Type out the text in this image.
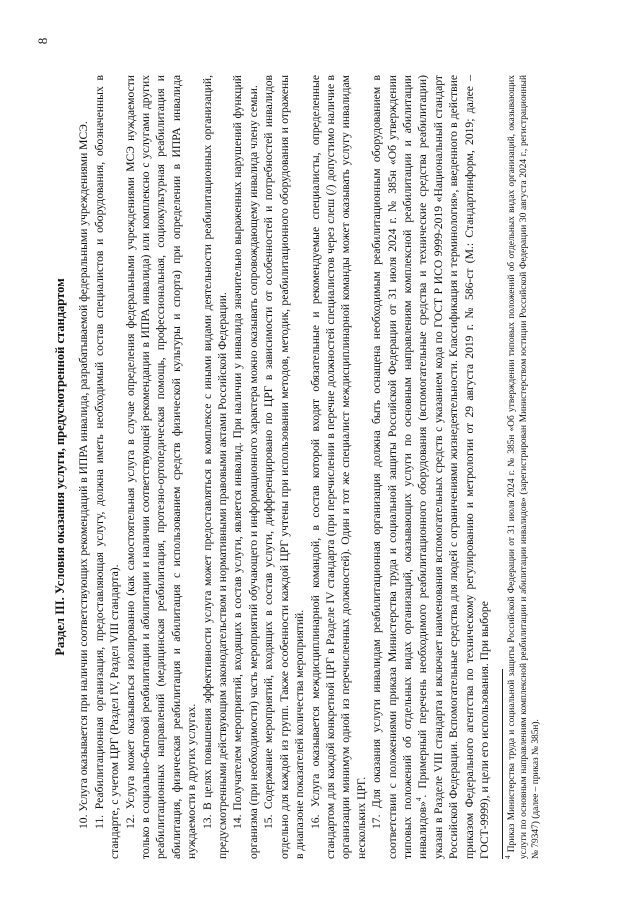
8
Раздел III. Условия оказания услуги, предусмотренной стандартом

10. Услуга оказывается при наличии соответствующих рекомендаций в ИПРА инвалида, разрабатываемой федеральными учреждениями МСЭ.

11. Реабилитационная организация, предоставляющая услугу, должна иметь необходимый состав специалистов и оборудования, обозначенных в стандарте, с учетом ЦРГ (Раздел IV, Раздел VIII стандарта). 12. Услуга может оказываться изолированно (как самостоятельная услуга в случае определения федеральными учреждениями МСЭ нуждаемости только в социально-бытовой реабилитации и абилитации и наличии соответствующей рекомендации в ИПРА инвалида) или комплексно с услугами других реабилитационных направлений (медицинская реабилитация, протезно-ортопедическая помощь, профессиональная, социокультурная реабилитация и абилитация, физическая реабилитация и абилитация с использованием средств физической культуры и спорта) при определении в ИПРА инвалида нуждаемости в других услугах. 13. В целях повышения эффективности услуга может предоставляться в комплексе с иными видами деятельности реабилитационных организаций, предусмотренными действующим законодательством и нормативными правовыми актами Российской Федерации. 14. Получателем мероприятий, входящих в состав услуги, является инвалид. При наличии у инвалида значительно выраженных нарушений функций организма (при необходимости) часть мероприятий обучающего и информационного характера можно оказывать сопровождающему инвалида члену семьи. 15. Содержание мероприятий, входящих в состав услуги, дифференцировано по ЦРГ в зависимости от особенностей и потребностей инвалидов отдельно для каждой из групп. Также особенности каждой ЦРГ учтены при использовании методов, методик, реабилитационного оборудования и отражены в диапазоне показателей количества мероприятий. 16. Услуга оказывается междисциплинарной командой, в состав которой входят обязательные и рекомендуемые специалисты, определенные стандартом для каждой конкретной ЦРГ в Разделе IV стандарта (при перечислении в перечне должностей специалистов через слеш (/) допустимо наличие в организации минимум одной из перечисленных должностей). Один и тот же специалист междисциплинарной команды может оказывать услугу инвалидам нескольких ЦРГ. 17. Для оказания услуги инвалидам реабилитационная организация должна быть оснащена необходимым реабилитационным оборудованием в соответствии с положениями приказа Министерства труда и социальной защиты Российской Федерации от 31 июля 2024 г. № 385н «Об утверждении типовых положений об отдельных видах организаций, оказывающих услуги по основным направлениям комплексной реабилитации и абилитации инвалидов»$^4$. Примерный перечень необходимого реабилитационного оборудования (вспомогательные средства и технические средства реабилитации) указан в Разделе VIII стандарта и включает наименования вспомогательных средств с указанием кода по ГОСТ Р ИСО 9999-2019 «Национальный стандарт Российской Федерации. Вспомогательные средства для людей с ограничениями жизнедеятельности. Классификация и терминология», введенного в действие приказом Федерального агентства по техническому регулированию и метрологии от 29 августа 2019 г. № 586-ст (М.: Стандартинформ, 2019; далее – ГОСТ-9999), и цели его использования. При выборе $^4$ Приказ Министерства труда и социальной защиты Российской Федерации от 31 июля 2024 г. № 385н «Об утверждении типовых положений об отдельных видах организаций, оказывающих услуги по основным направлениям комплексной реабилитации и абилитации инвалидов» (зарегистрирован Министерством юстиции Российской Федерации 30 августа 2024 г., регистрационный № 79347) (далее – приказ № 385н).
